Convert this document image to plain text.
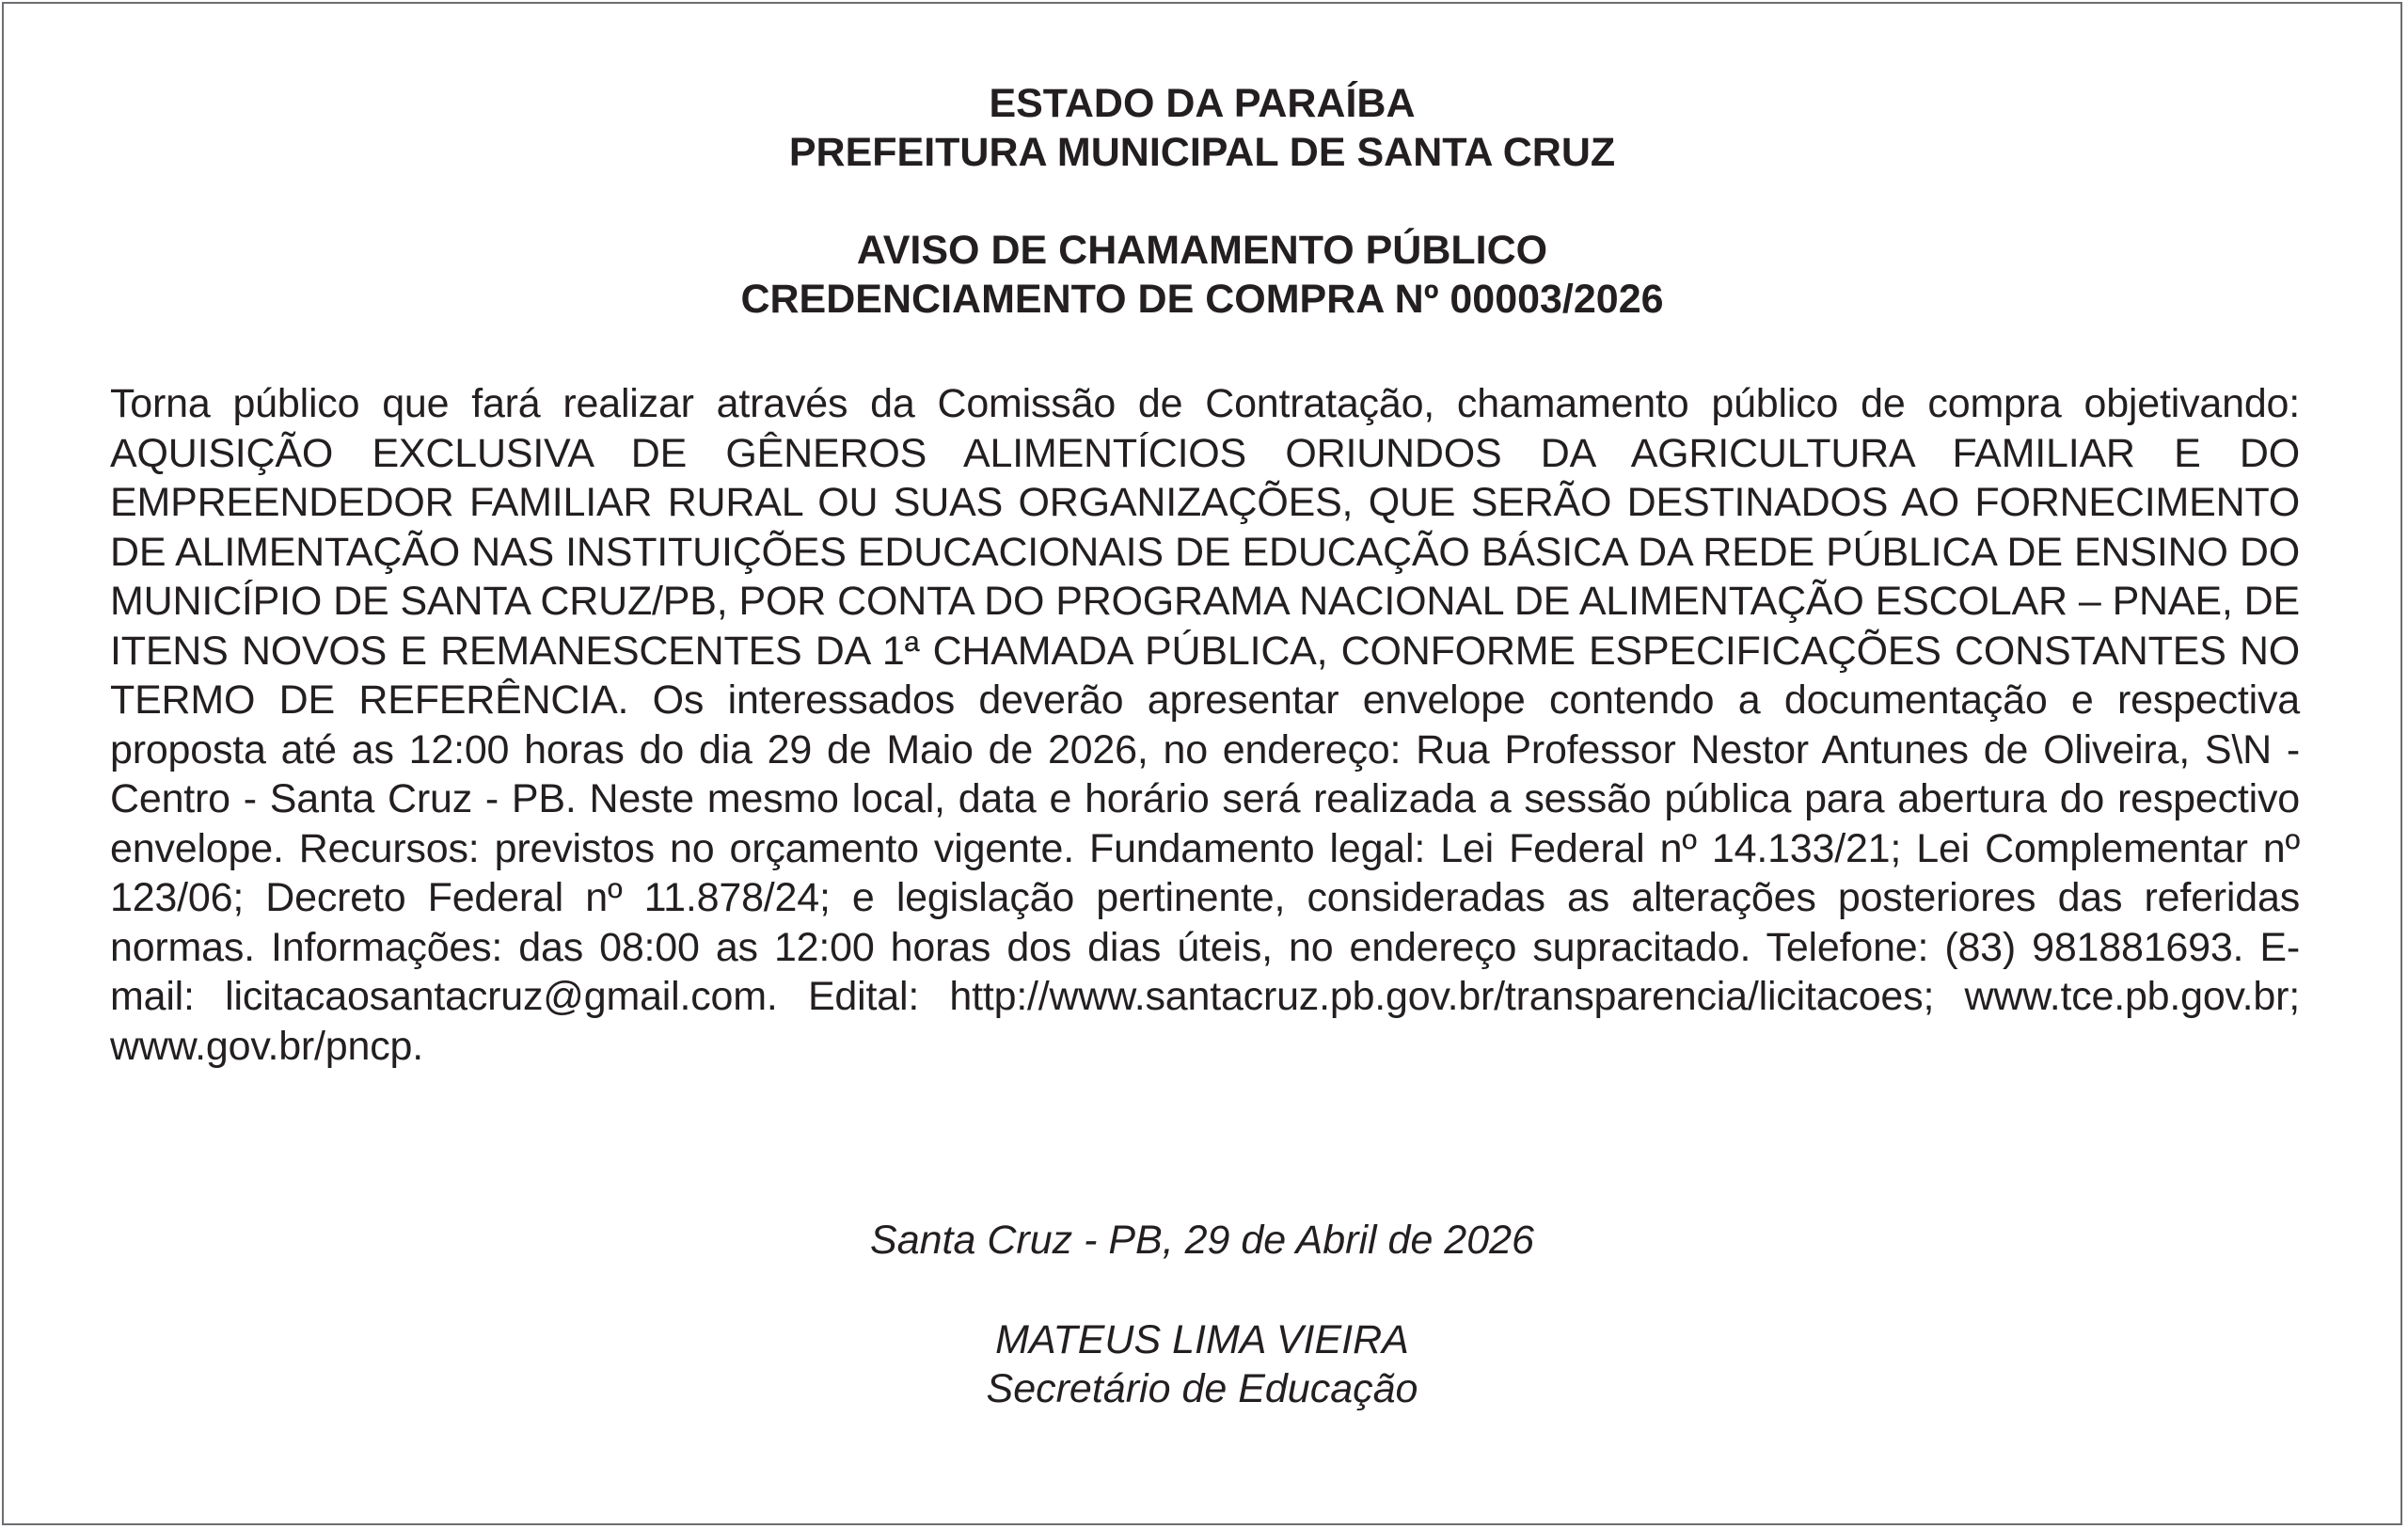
ESTADO DA PARAÍBA
PREFEITURA MUNICIPAL DE SANTA CRUZ
AVISO DE CHAMAMENTO PÚBLICO
CREDENCIAMENTO DE COMPRA Nº 00003/2026
Torna público que fará realizar através da Comissão de Contratação, chamamento público de compra objetivando: AQUISIÇÃO EXCLUSIVA DE GÊNEROS ALIMENTÍCIOS ORIUNDOS DA AGRICULTURA FAMILIAR E DO EMPREENDEDOR FAMILIAR RURAL OU SUAS ORGANIZAÇÕES, QUE SERÃO DESTINADOS AO FORNECIMENTO DE ALIMENTAÇÃO NAS INSTITUIÇÕES EDUCACIONAIS DE EDUCAÇÃO BÁSICA DA REDE PÚBLICA DE ENSINO DO MUNICÍPIO DE SANTA CRUZ/PB, POR CONTA DO PROGRAMA NACIONAL DE ALIMENTAÇÃO ESCOLAR – PNAE, DE ITENS NOVOS E REMANESCENTES DA 1ª CHAMADA PÚBLICA, CONFORME ESPECIFICAÇÕES CONSTANTES NO TERMO DE REFERÊNCIA. Os interessados deverão apresentar envelope contendo a documentação e respectiva proposta até as 12:00 horas do dia 29 de Maio de 2026, no endereço: Rua Professor Nestor Antunes de Oliveira, S\N - Centro - Santa Cruz - PB. Neste mesmo local, data e horário será realizada a sessão pública para abertura do respectivo envelope. Recursos: previstos no orçamento vigente. Fundamento legal: Lei Federal nº 14.133/21; Lei Complementar nº 123/06; Decreto Federal nº 11.878/24; e legislação pertinente, consideradas as alterações posteriores das referidas normas. Informações: das 08:00 as 12:00 horas dos dias úteis, no endereço supracitado. Telefone: (83) 981881693. E-mail: licitacaosantacruz@gmail.com. Edital: http://www.santacruz.pb.gov.br/transparencia/licitacoes; www.tce.pb.gov.br; www.gov.br/pncp.
Santa Cruz - PB, 29 de Abril de 2026
MATEUS LIMA VIEIRA
Secretário de Educação
